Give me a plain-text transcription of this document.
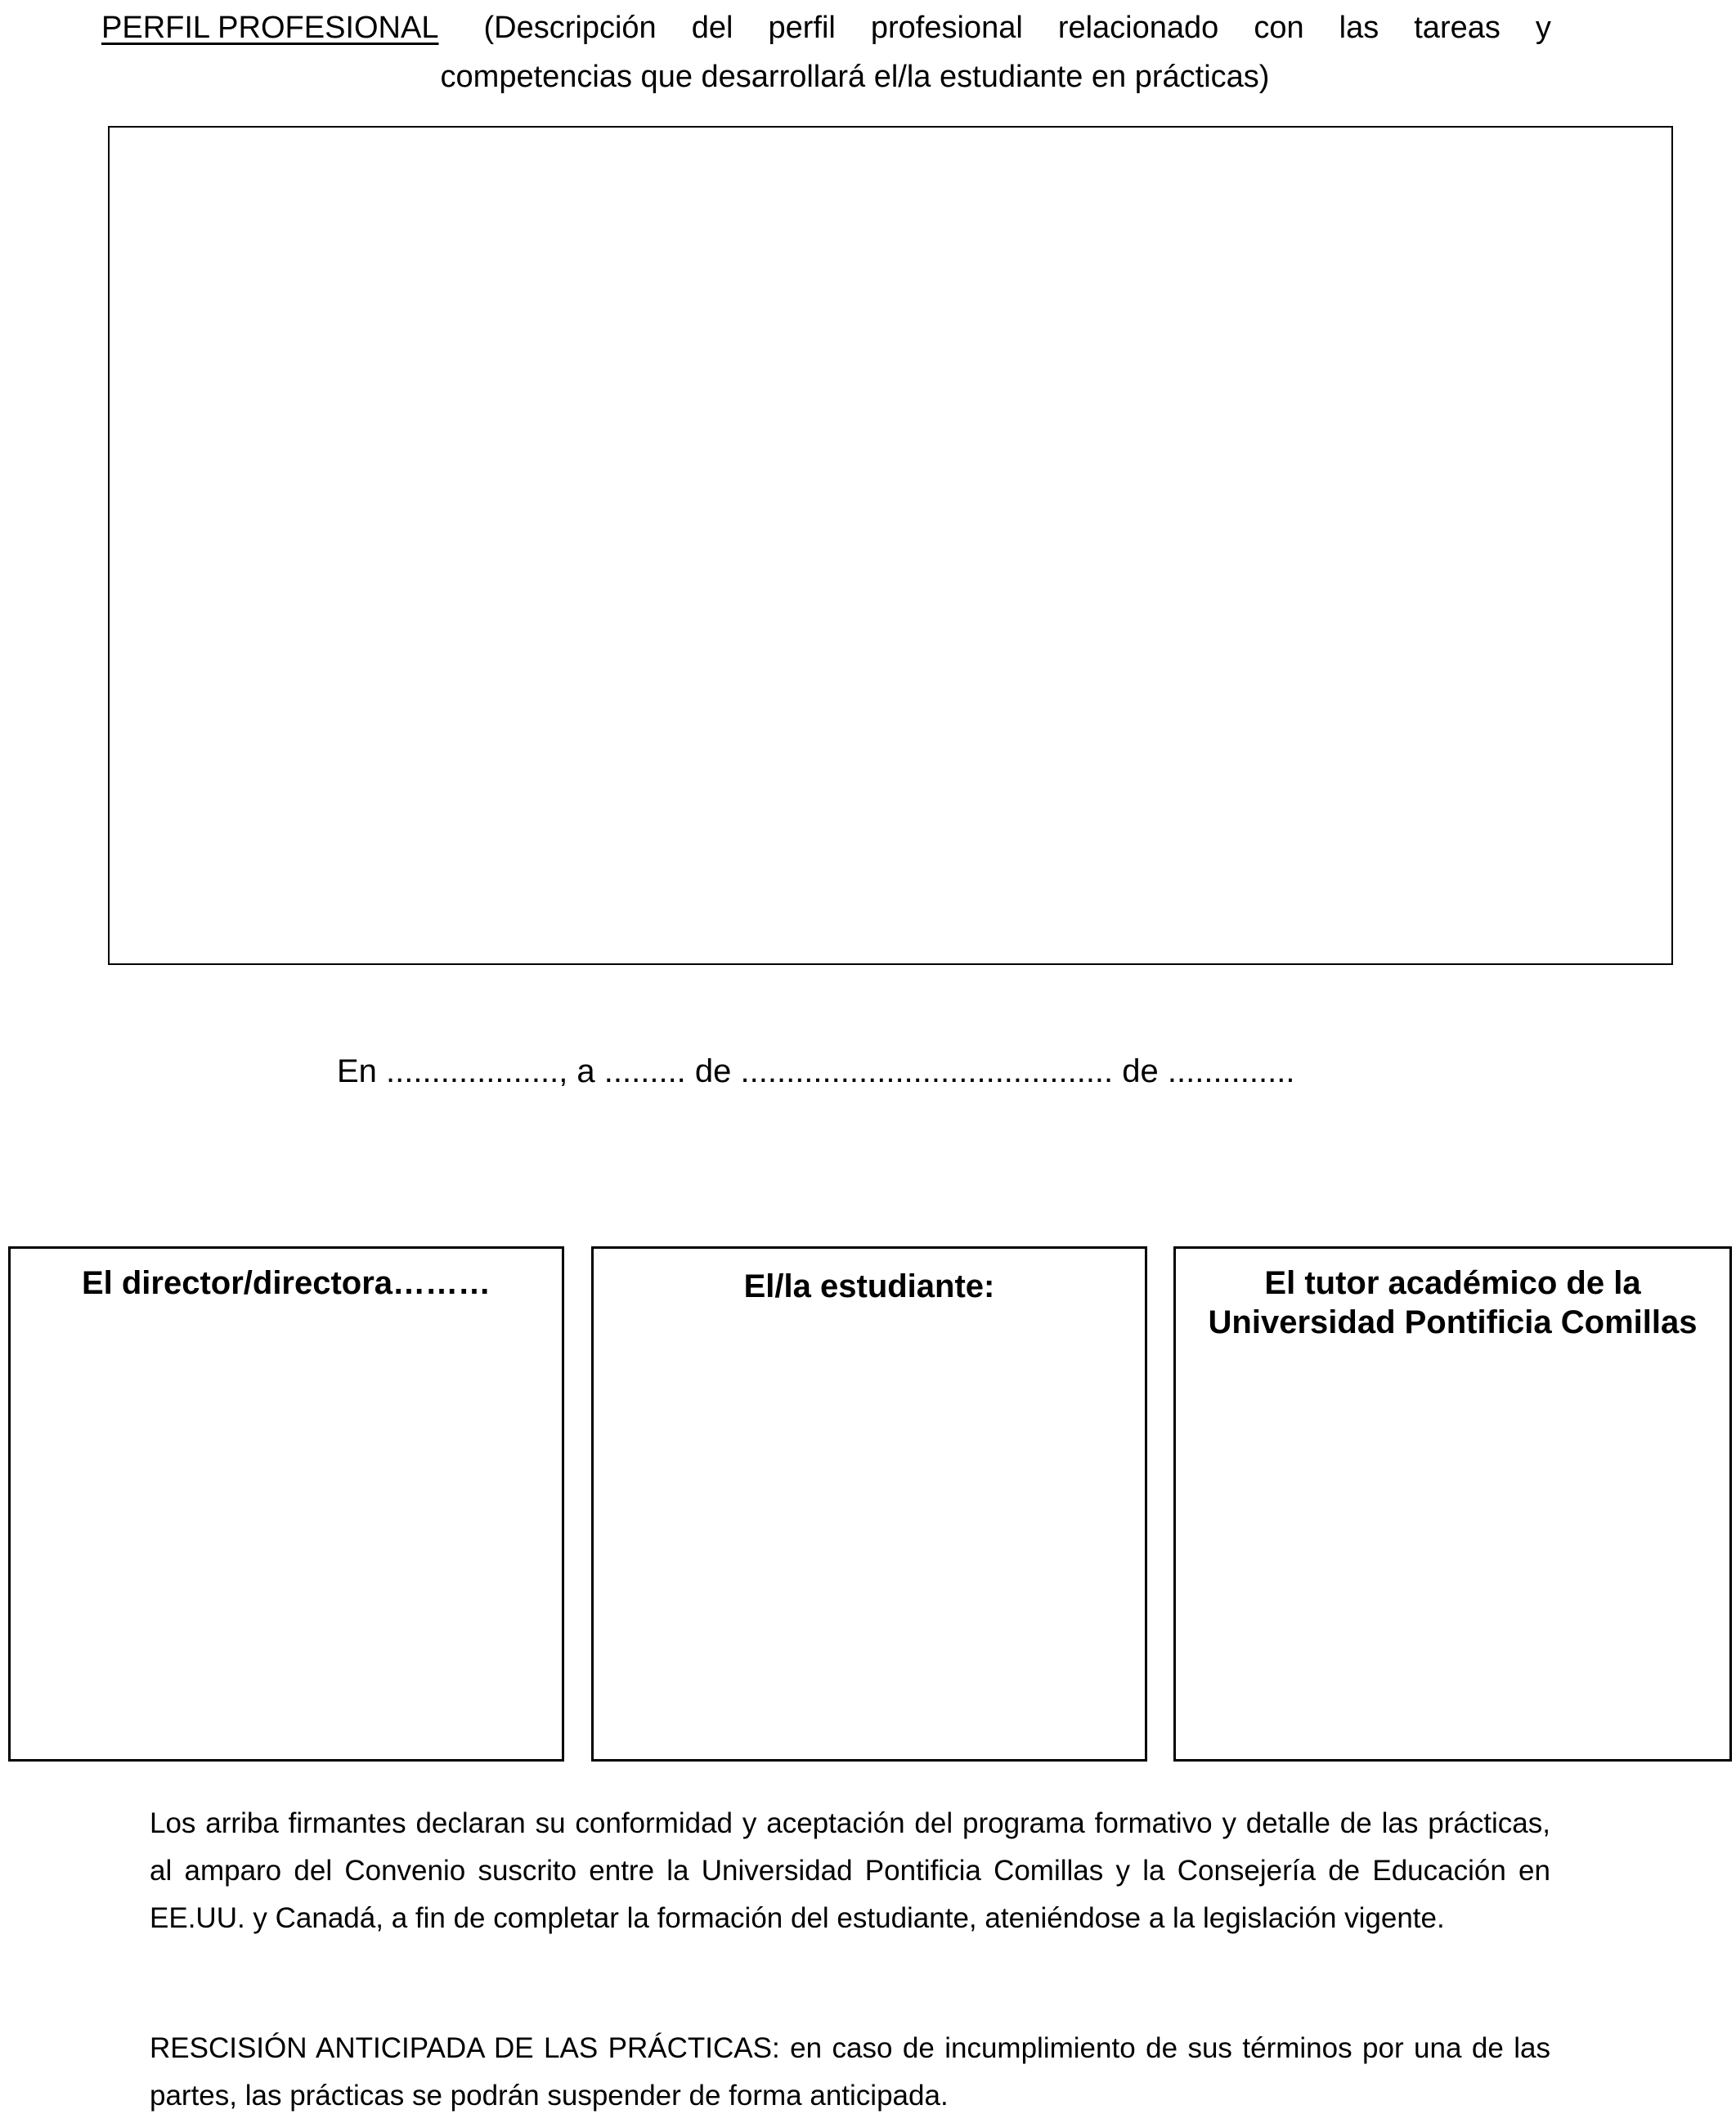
PERFIL PROFESIONAL (Descripción del perfil profesional relacionado con las tareas y
competencias que desarrollará el/la estudiante en prácticas)
En ..................., a ......... de ......................................... de ..............
El director/directora………	El/la estudiante:	El tutor académico de la Universidad Pontificia Comillas
Los arriba firmantes declaran su conformidad y aceptación del programa formativo y detalle de las prácticas, al amparo del Convenio suscrito entre la Universidad Pontificia Comillas y la Consejería de Educación en EE.UU. y Canadá, a fin de completar la formación del estudiante, ateniéndose a la legislación vigente.
RESCISIÓN ANTICIPADA DE LAS PRÁCTICAS: en caso de incumplimiento de sus términos por una de las partes, las prácticas se podrán suspender de forma anticipada.
